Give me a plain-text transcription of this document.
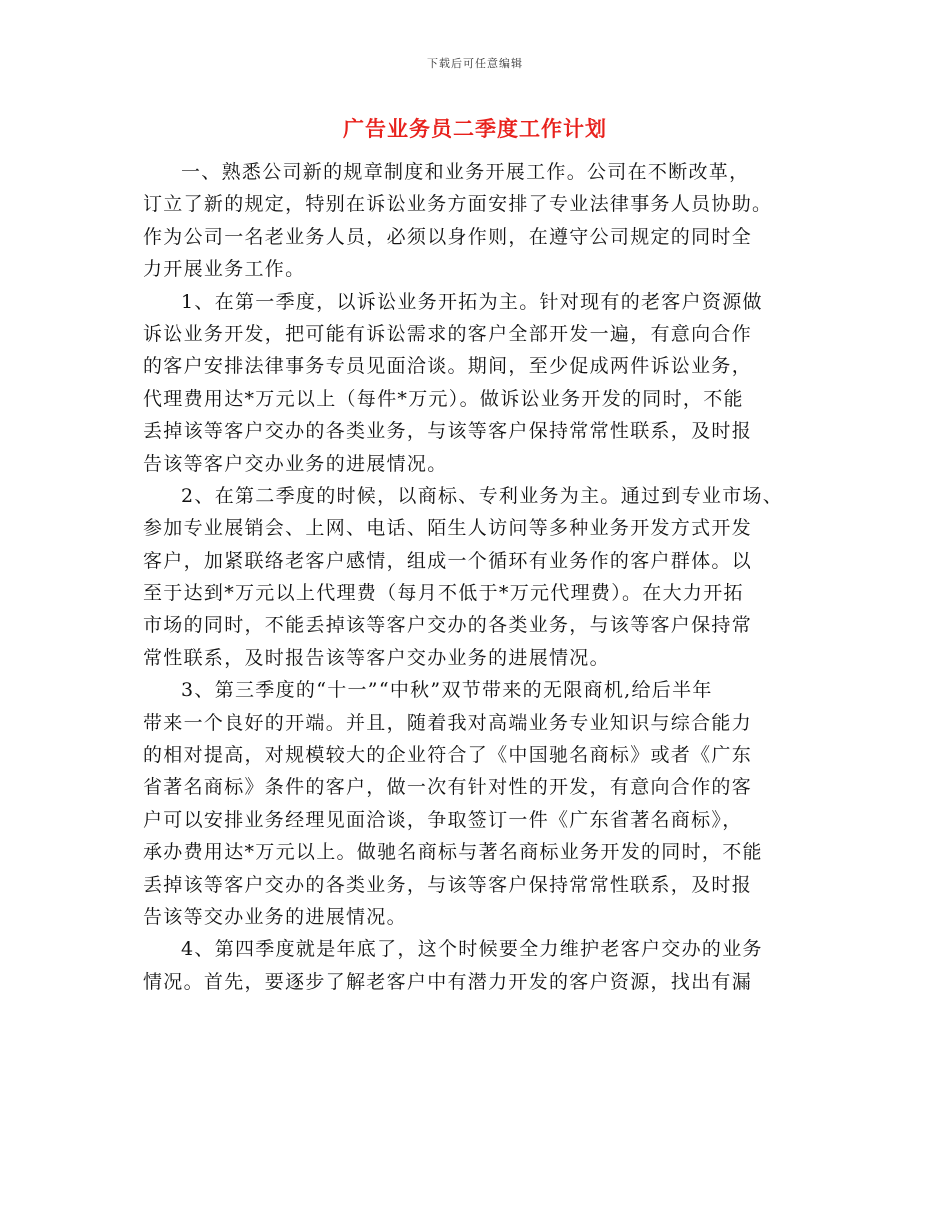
下载后可任意编辑
广告业务员二季度工作计划
一、熟悉公司新的规章制度和业务开展工作。公司在不断改革，
订立了新的规定，特别在诉讼业务方面安排了专业法律事务人员协助。
作为公司一名老业务人员，必须以身作则，在遵守公司规定的同时全
力开展业务工作。
1、在第一季度，以诉讼业务开拓为主。针对现有的老客户资源做
诉讼业务开发，把可能有诉讼需求的客户全部开发一遍，有意向合作
的客户安排法律事务专员见面洽谈。期间，至少促成两件诉讼业务，
代理费用达*万元以上（每件*万元）。做诉讼业务开发的同时，不能
丢掉该等客户交办的各类业务，与该等客户保持常常性联系，及时报
告该等客户交办业务的进展情况。
2、在第二季度的时候，以商标、专利业务为主。通过到专业市场、
参加专业展销会、上网、电话、陌生人访问等多种业务开发方式开发
客户，加紧联络老客户感情，组成一个循环有业务作的客户群体。以
至于达到*万元以上代理费（每月不低于*万元代理费）。在大力开拓
市场的同时，不能丢掉该等客户交办的各类业务，与该等客户保持常
常性联系，及时报告该等客户交办业务的进展情况。
3、第三季度的“十一”“中秋”双节带来的无限商机,给后半年
带来一个良好的开端。并且，随着我对高端业务专业知识与综合能力
的相对提高，对规模较大的企业符合了《中国驰名商标》或者《广东
省著名商标》条件的客户，做一次有针对性的开发，有意向合作的客
户可以安排业务经理见面洽谈，争取签订一件《广东省著名商标》，
承办费用达*万元以上。做驰名商标与著名商标业务开发的同时，不能
丢掉该等客户交办的各类业务，与该等客户保持常常性联系，及时报
告该等交办业务的进展情况。
4、第四季度就是年底了，这个时候要全力维护老客户交办的业务
情况。首先，要逐步了解老客户中有潜力开发的客户资源，找出有漏
